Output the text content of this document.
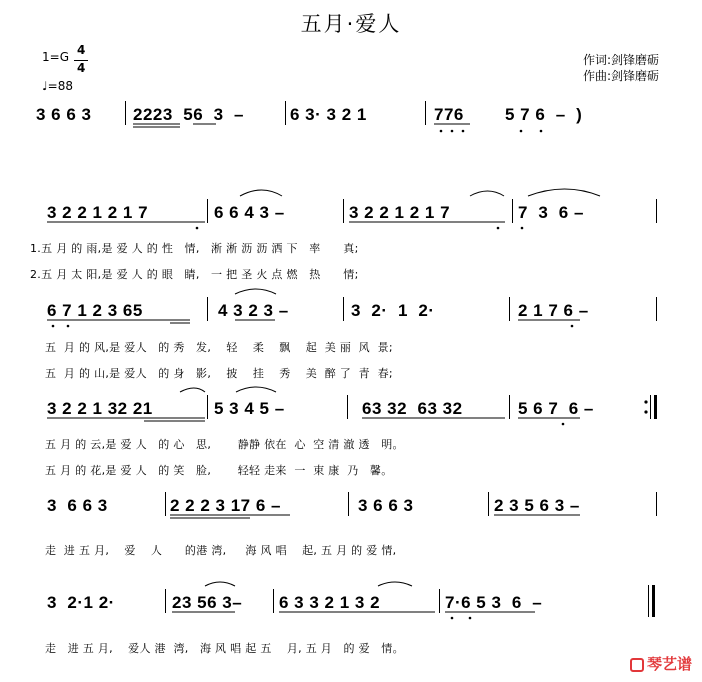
五月·爱人
1=G 4
4
♩=88
作词:剑锋磨砺
作曲:剑锋磨砺
3 6 6 3 2223  56  3  –	6 3· 3 2 1	776 5 7 6  –  )
3 2 2 1 2 1 7	6 6 4 3 –	3 2 2 1 2 1 7	7  3  6 –
1.五 月 的 雨,是 爱 人 的 性   情,   淅 淅 沥 沥 洒 下   率      真;
2.五 月 太 阳,是 爱 人 的 眼   睛,   一 把 圣 火 点 燃   热      情;
6 7 1 2 3 65	4 3 2 3 –	3  2·  1  2·	2 1 7 6 –
五  月 的 风,是 爱人   的 秀   发,    轻    柔    飘    起  美 丽  风  景;
五  月 的 山,是 爱人   的 身   影,    披    挂    秀    美  醉 了  青  春;
3 2 2 1 32 21	5 3 4 5 –	63 32  63 32	5 6 7  6 –
五 月 的 云,是 爱 人   的 心   思,       静静 依在  心  空 清 澈 透   明。
五 月 的 花,是 爱 人   的 笑   脸,       轻轻 走来  一  束 康  乃   馨。
3  6 6 3	2 2 2 3 17 6 –	3 6 6 3	2 3 5 6 3 –
走  进 五 月,    爱    人      的港 湾,     海 风 唱    起, 五 月 的 爱 情,
3  2·1 2·	23 56 3– 6 3 3 2 1 3 2	7·6 5 3  6  –
走   进 五 月,    爱人 港  湾,   海 风 唱 起 五    月, 五 月   的 爱   情。
琴艺谱
